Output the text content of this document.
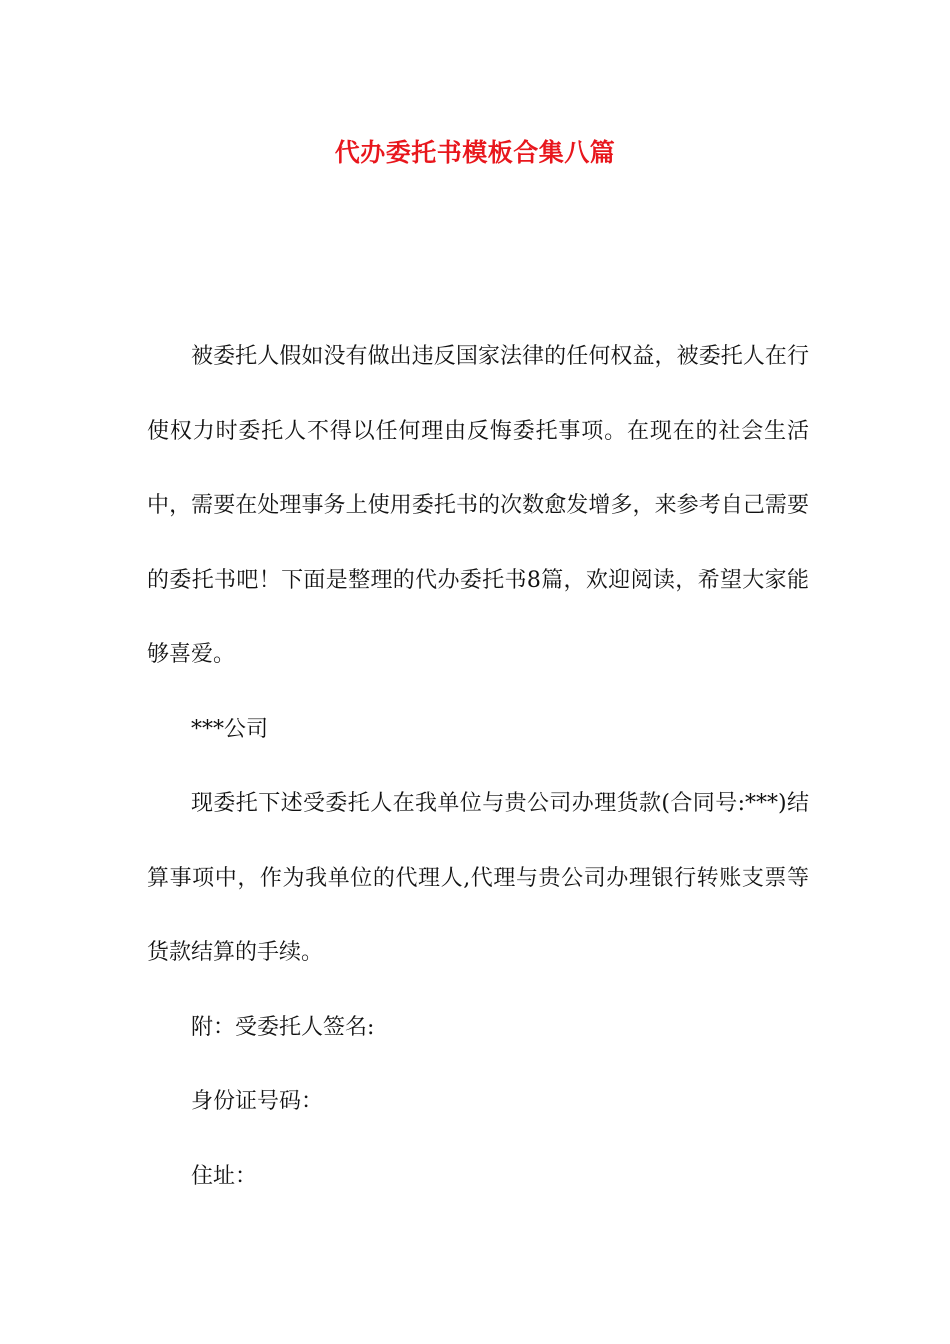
代办委托书模板合集八篇

被委托人假如没有做出违反国家法律的任何权益，被委托人在行使权力时委托人不得以任何理由反悔委托事项。在现在的社会生活中，需要在处理事务上使用委托书的次数愈发增多，来参考自己需要的委托书吧！下面是整理的代办委托书8篇，欢迎阅读，希望大家能够喜爱。

***公司

现委托下述受委托人在我单位与贵公司办理货款(合同号:***)结算事项中，作为我单位的代理人,代理与贵公司办理银行转账支票等货款结算的手续。

附：受委托人签名:

身份证号码：

住址：
